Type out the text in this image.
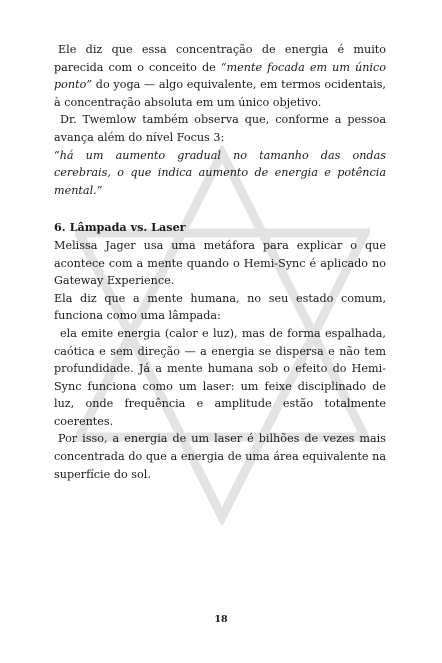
Ele diz que essa concentração de energia é muito parecida com o conceito de “mente focada em um único ponto” do yoga — algo equivalente, em termos ocidentais, à concentração absoluta em um único objetivo.

Dr. Twemlow também observa que, conforme a pessoa avança além do nível Focus 3:

“há um aumento gradual no tamanho das ondas cerebrais, o que indica aumento de energia e potência mental.”

6. Lâmpada vs. Laser

Melissa Jager usa uma metáfora para explicar o que acontece com a mente quando o Hemi-Sync é aplicado no Gateway Experience.

Ela diz que a mente humana, no seu estado comum, funciona como uma lâmpada:

ela emite energia (calor e luz), mas de forma espalhada, caótica e sem direção — a energia se dispersa e não tem profundidade. Já a mente humana sob o efeito do Hemi-Sync funciona como um laser: um feixe disciplinado de luz, onde frequência e amplitude estão totalmente coerentes.

Por isso, a energia de um laser é bilhões de vezes mais concentrada do que a energia de uma área equivalente na superfície do sol.

18
